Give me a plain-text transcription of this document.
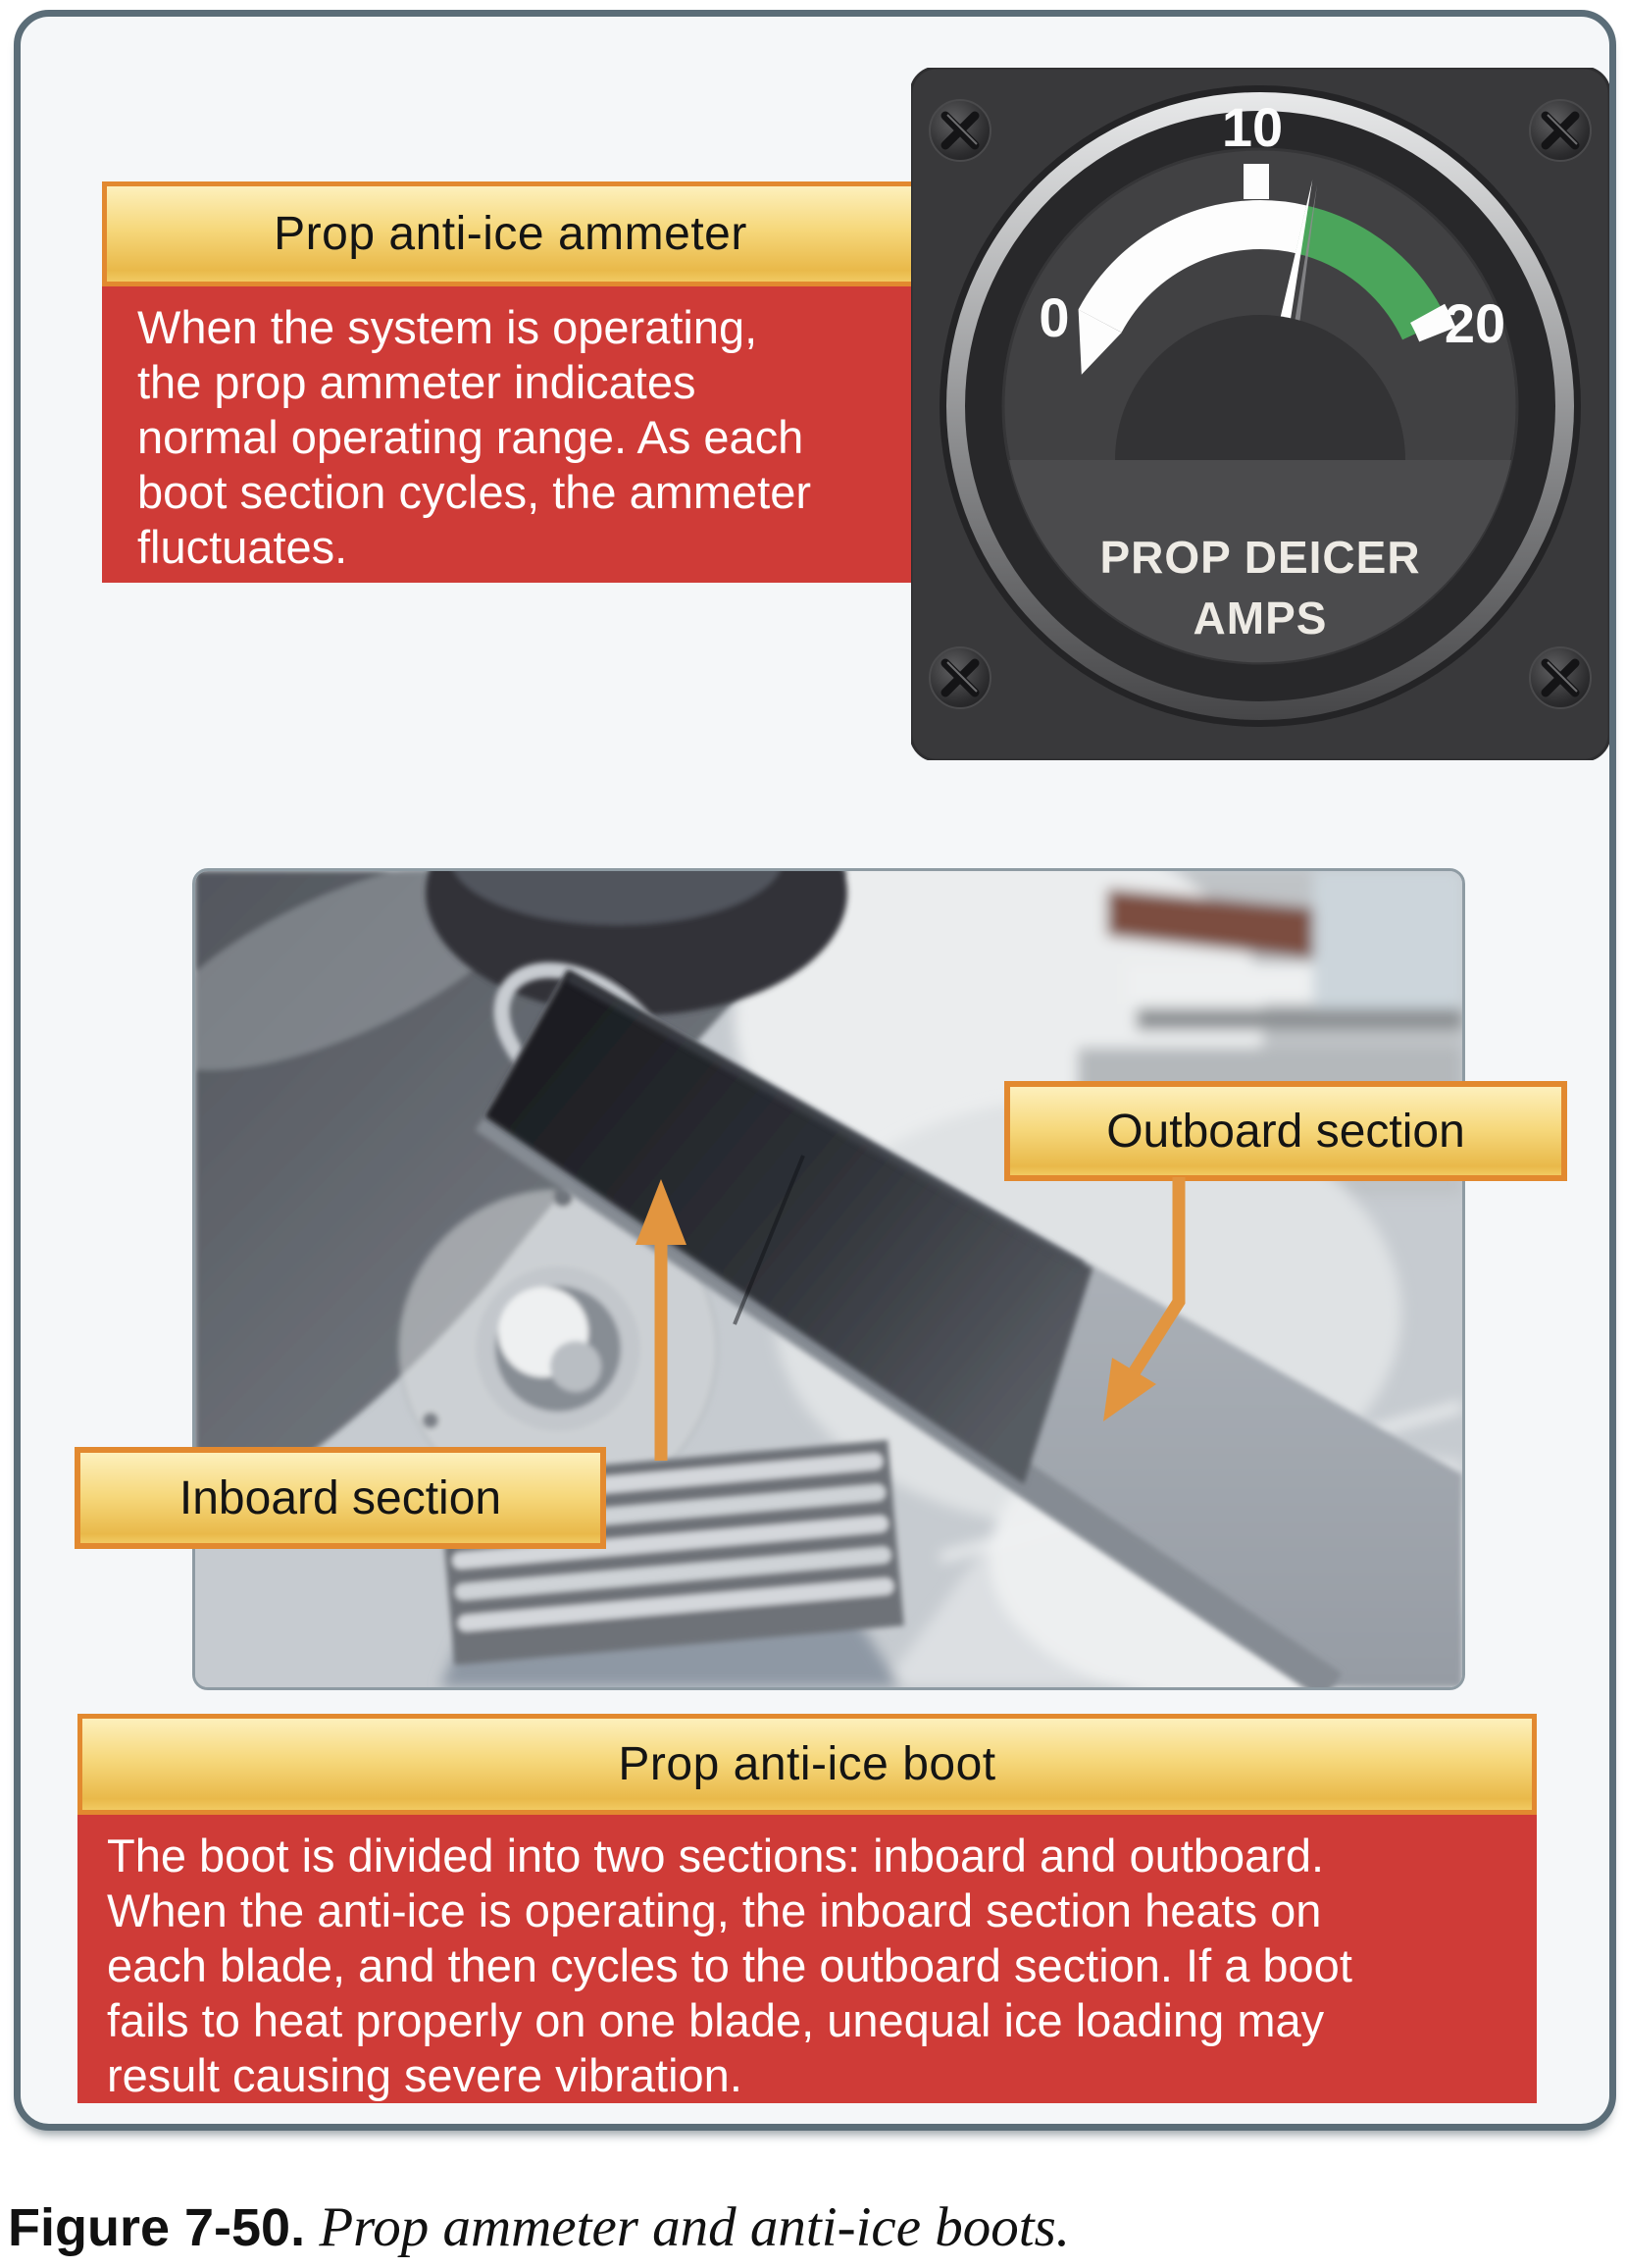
Prop anti-ice ammeter
When the system is operating,
the prop ammeter indicates
normal operating range. As each
boot section cycles, the ammeter
fluctuates.
0
10
20
PROP DEICER
AMPS
Outboard section
Inboard section
Prop anti-ice boot
The boot is divided into two sections: inboard and outboard.
When the anti-ice is operating, the inboard section heats on
each blade, and then cycles to the outboard section. If a boot
fails to heat properly on one blade, unequal ice loading may
result causing severe vibration.
Figure 7-50. Prop ammeter and anti-ice boots.
